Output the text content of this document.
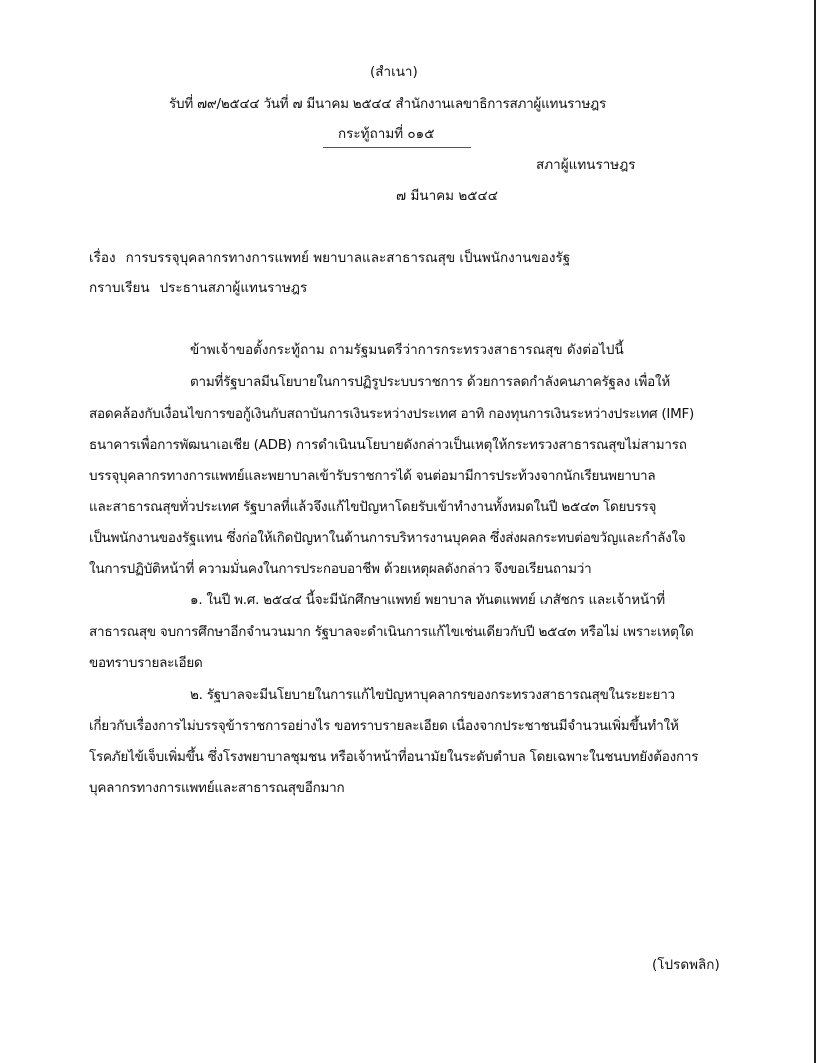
(สำเนา)
รับที่ ๗๙/๒๕๔๔ วันที่ ๗ มีนาคม ๒๕๔๔ สำนักงานเลขาธิการสภาผู้แทนราษฎร
กระทู้ถามที่ ๐๑๕
สภาผู้แทนราษฎร
๗ มีนาคม ๒๕๔๔
เรื่อง การบรรจุบุคลากรทางการแพทย์ พยาบาลและสาธารณสุข เป็นพนักงานของรัฐ
กราบเรียน ประธานสภาผู้แทนราษฎร
ข้าพเจ้าขอตั้งกระทู้ถาม ถามรัฐมนตรีว่าการกระทรวงสาธารณสุข ดังต่อไปนี้
ตามที่รัฐบาลมีนโยบายในการปฏิรูประบบราชการ ด้วยการลดกำลังคนภาครัฐลง เพื่อให้
สอดคล้องกับเงื่อนไขการขอกู้เงินกับสถาบันการเงินระหว่างประเทศ อาทิ กองทุนการเงินระหว่างประเทศ (IMF)
ธนาคารเพื่อการพัฒนาเอเชีย (ADB) การดำเนินนโยบายดังกล่าวเป็นเหตุให้กระทรวงสาธารณสุขไม่สามารถ
บรรจุบุคลากรทางการแพทย์และพยาบาลเข้ารับราชการได้ จนต่อมามีการประท้วงจากนักเรียนพยาบาล
และสาธารณสุขทั่วประเทศ รัฐบาลที่แล้วจึงแก้ไขปัญหาโดยรับเข้าทำงานทั้งหมดในปี ๒๕๔๓ โดยบรรจุ
เป็นพนักงานของรัฐแทน ซึ่งก่อให้เกิดปัญหาในด้านการบริหารงานบุคคล ซึ่งส่งผลกระทบต่อขวัญและกำลังใจ
ในการปฏิบัติหน้าที่ ความมั่นคงในการประกอบอาชีพ ด้วยเหตุผลดังกล่าว จึงขอเรียนถามว่า
๑. ในปี พ.ศ. ๒๕๔๔ นี้จะมีนักศึกษาแพทย์ พยาบาล ทันตแพทย์ เภสัชกร และเจ้าหน้าที่
สาธารณสุข จบการศึกษาอีกจำนวนมาก รัฐบาลจะดำเนินการแก้ไขเช่นเดียวกับปี ๒๕๔๓ หรือไม่ เพราะเหตุใด
ขอทราบรายละเอียด
๒. รัฐบาลจะมีนโยบายในการแก้ไขปัญหาบุคลากรของกระทรวงสาธารณสุขในระยะยาว
เกี่ยวกับเรื่องการไม่บรรจุข้าราชการอย่างไร ขอทราบรายละเอียด เนื่องจากประชาชนมีจำนวนเพิ่มขึ้นทำให้
โรคภัยไข้เจ็บเพิ่มขึ้น ซึ่งโรงพยาบาลชุมชน หรือเจ้าหน้าที่อนามัยในระดับตำบล โดยเฉพาะในชนบทยังต้องการ
บุคลากรทางการแพทย์และสาธารณสุขอีกมาก
(โปรดพลิก)
